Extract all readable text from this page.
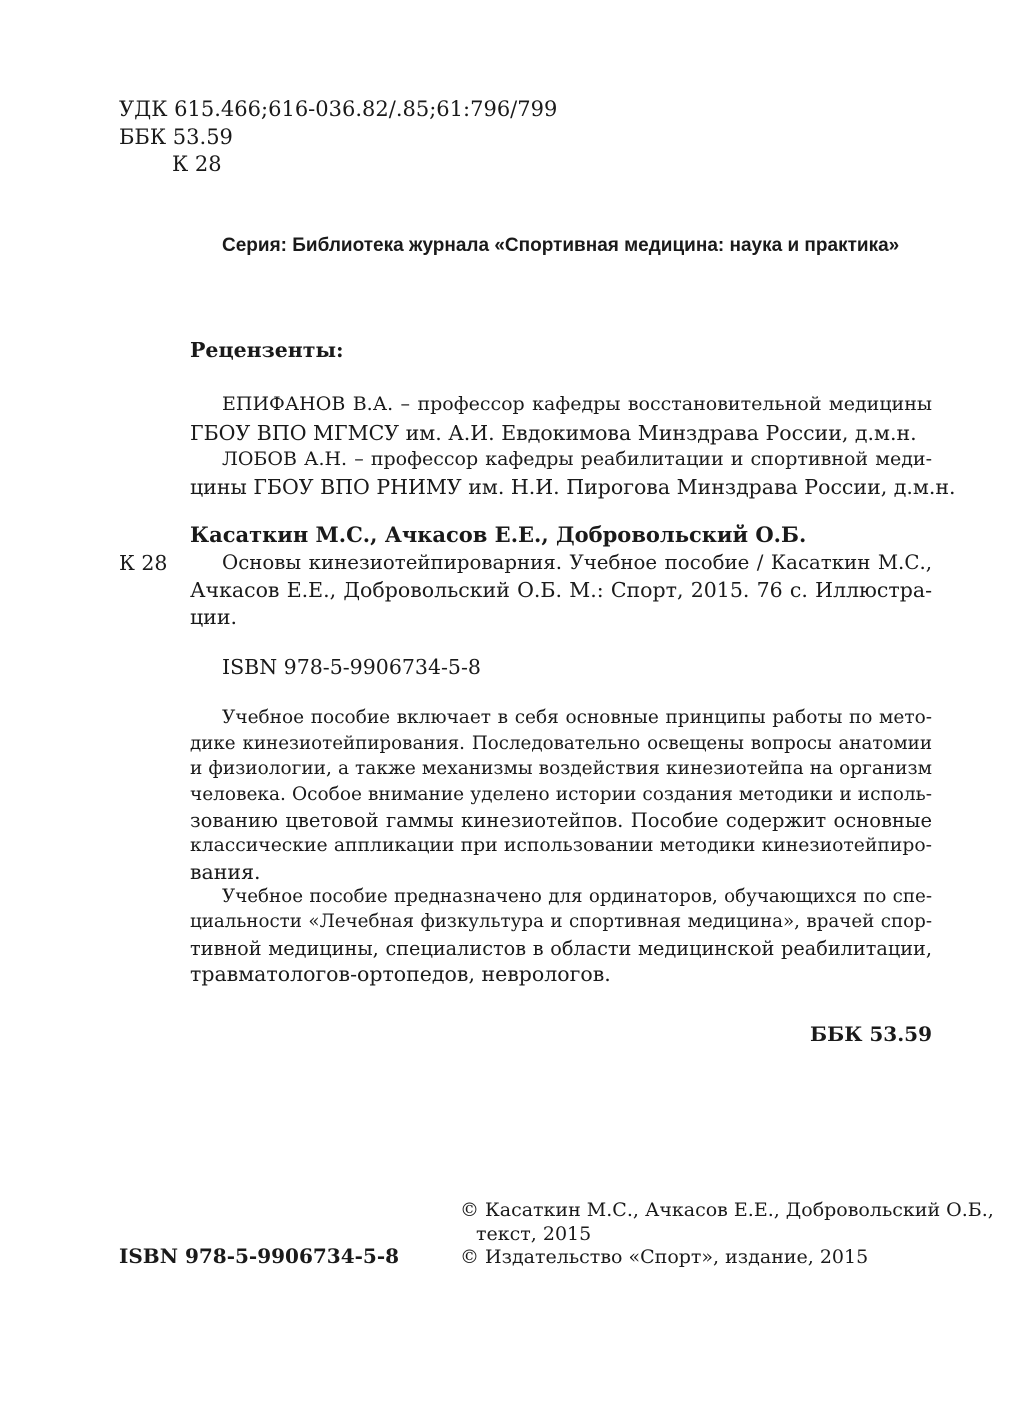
УДК 615.466;616-036.82/.85;61:796/799
ББК 53.59
К 28
Серия: Библиотека журнала «Спортивная медицина: наука и практика»
Рецензенты:
ЕПИФАНОВ В.А. – профессор кафедры восстановительной медицины
ГБОУ ВПО МГМСУ им. А.И. Евдокимова Минздрава России, д.м.н.
ЛОБОВ А.Н. – профессор кафедры реабилитации и спортивной меди-
цины ГБОУ ВПО РНИМУ им. Н.И. Пирогова Минздрава России, д.м.н.
Касаткин М.С., Ачкасов Е.Е., Добровольский О.Б.
К 28	Основы кинезиотейпироварния. Учебное пособие / Касаткин М.С.,
Ачкасов Е.Е., Добровольский О.Б. М.: Спорт, 2015. 76 с. Иллюстра-
ции.
ISBN 978-5-9906734-5-8
Учебное пособие включает в себя основные принципы работы по мето-
дике кинезиотейпирования. Последовательно освещены вопросы анатомии
и физиологии, а также механизмы воздействия кинезиотейпа на организм
человека. Особое внимание уделено истории создания методики и исполь-
зованию цветовой гаммы кинезиотейпов. Пособие содержит основные
классические аппликации при использовании методики кинезиотейпиро-
вания.
Учебное пособие предназначено для ординаторов, обучающихся по спе-
циальности «Лечебная физкультура и спортивная медицина», врачей спор-
тивной медицины, специалистов в области медицинской реабилитации,
травматологов-ортопедов, неврологов.
ББК 53.59
ISBN 978-5-9906734-5-8
© Касаткин М.С., Ачкасов Е.Е., Добровольский О.Б.,
текст, 2015
© Издательство «Спорт», издание, 2015
